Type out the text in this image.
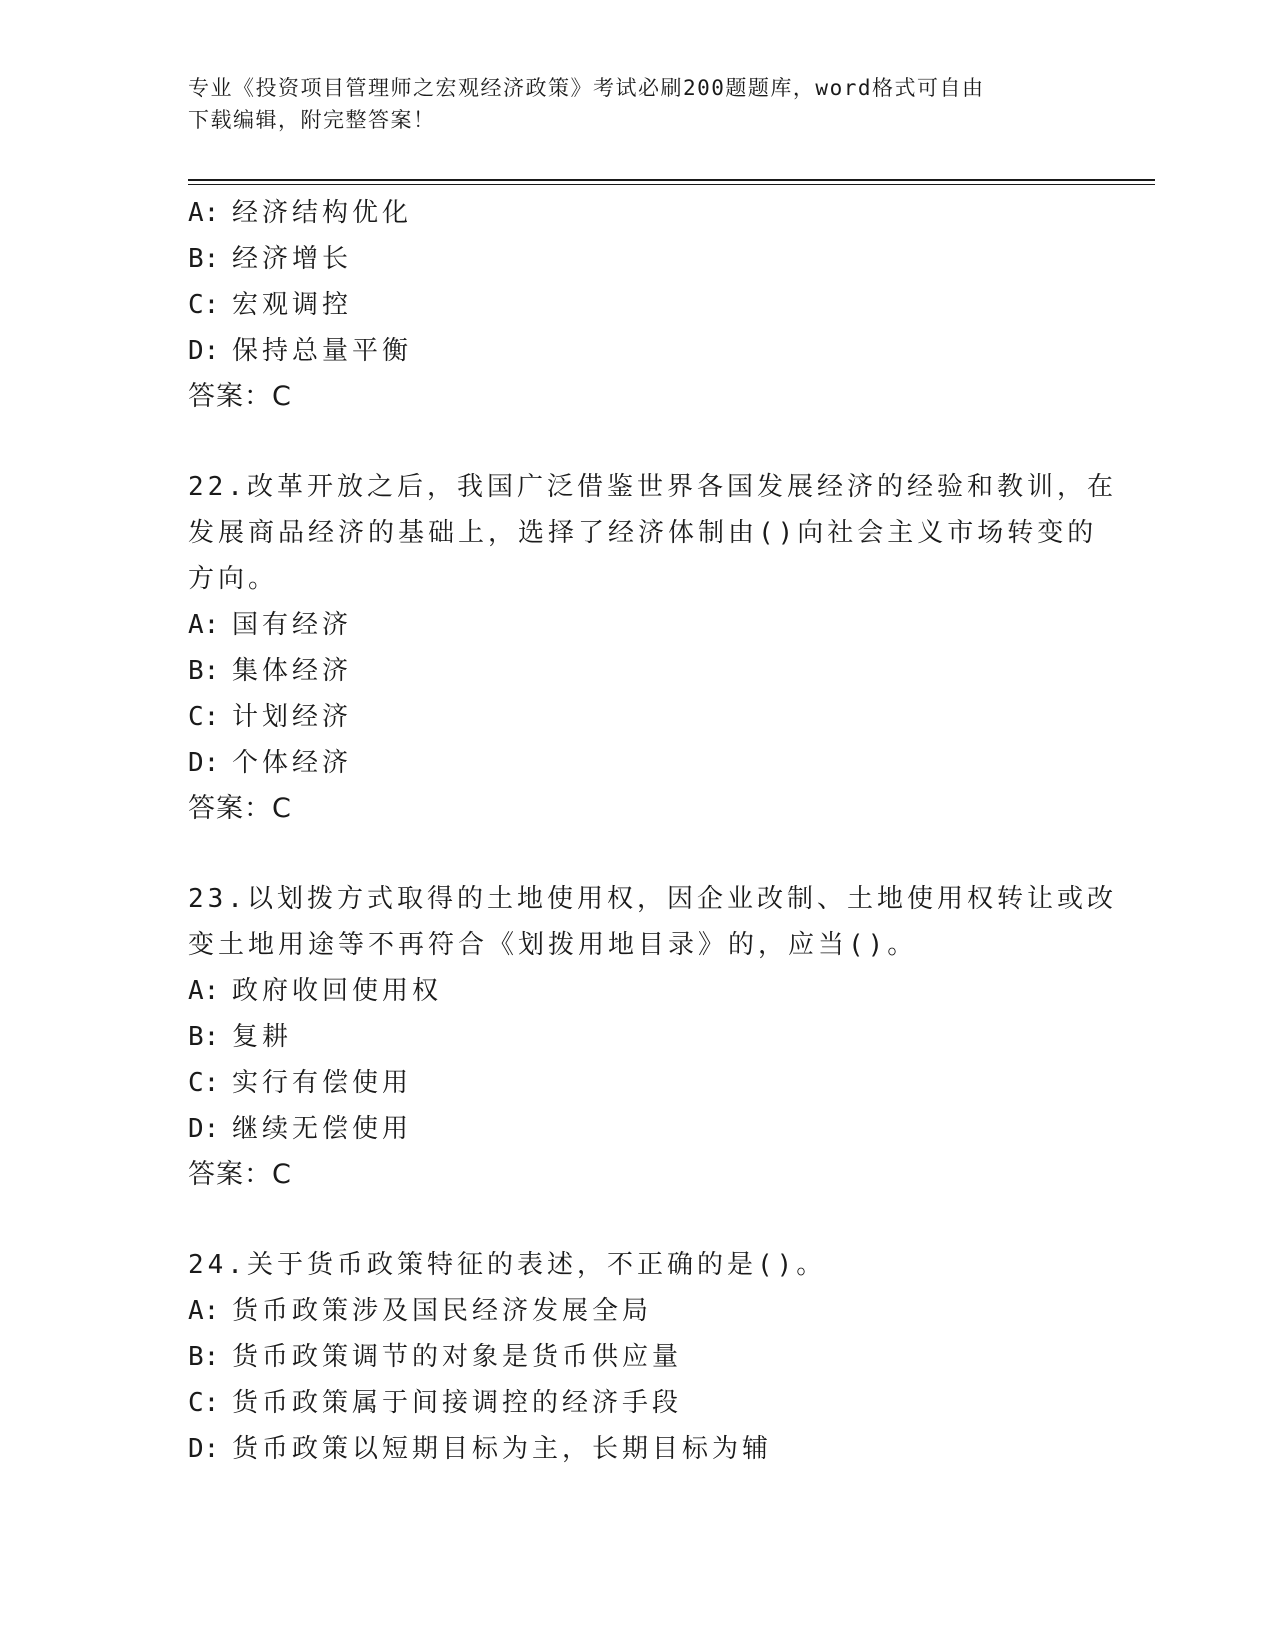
专业《投资项目管理师之宏观经济政策》考试必刷200题题库，word格式可自由
下载编辑，附完整答案！
A: 经济结构优化
B: 经济增长
C: 宏观调控
D: 保持总量平衡
答案：C
22.改革开放之后，我国广泛借鉴世界各国发展经济的经验和教训，在
发展商品经济的基础上，选择了经济体制由()向社会主义市场转变的
方向。
A: 国有经济
B: 集体经济
C: 计划经济
D: 个体经济
答案：C
23.以划拨方式取得的土地使用权，因企业改制、土地使用权转让或改
变土地用途等不再符合《划拨用地目录》的，应当()。
A: 政府收回使用权
B: 复耕
C: 实行有偿使用
D: 继续无偿使用
答案：C
24.关于货币政策特征的表述，不正确的是()。
A: 货币政策涉及国民经济发展全局
B: 货币政策调节的对象是货币供应量
C: 货币政策属于间接调控的经济手段
D: 货币政策以短期目标为主，长期目标为辅
